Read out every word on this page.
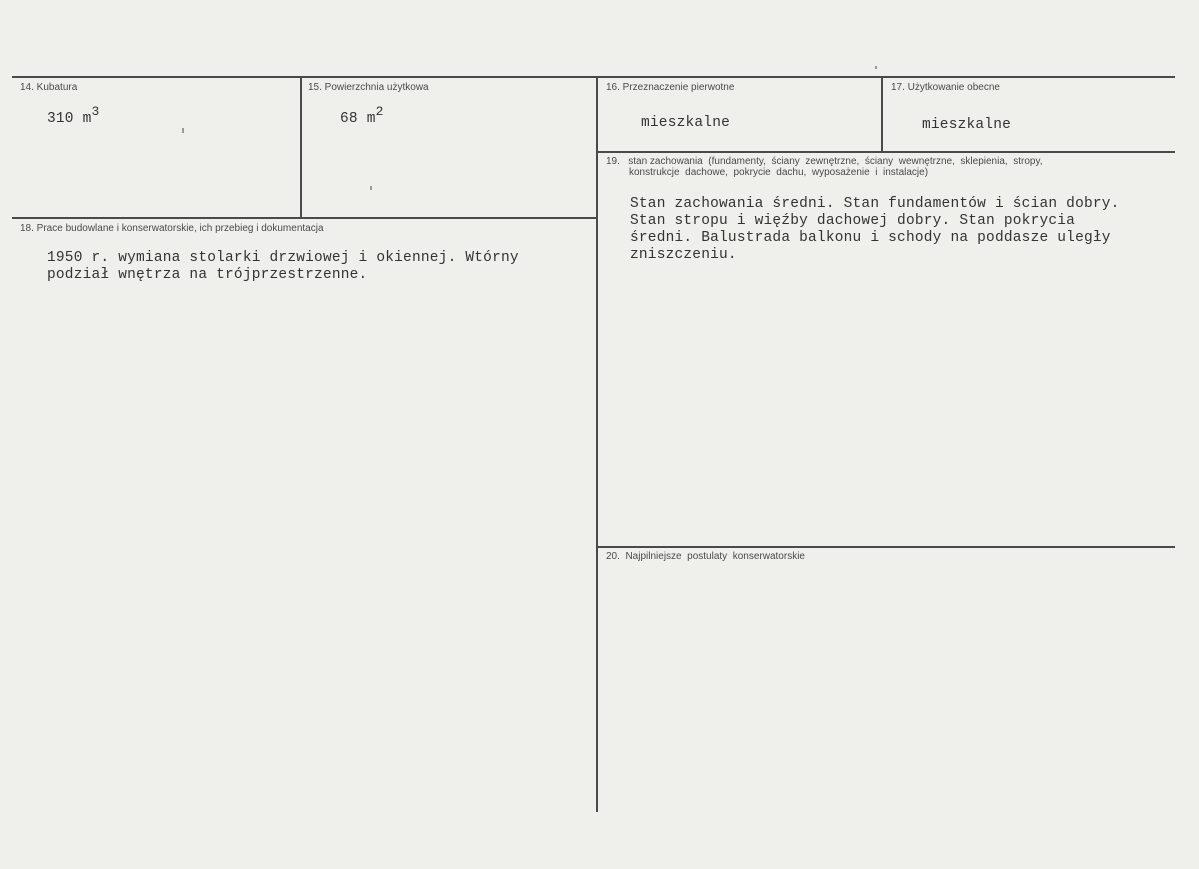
14. Kubatura
310 m3
15. Powierzchnia użytkowa
68 m2
16. Przeznaczenie pierwotne
mieszkalne
17. Użytkowanie obecne
mieszkalne
18. Prace budowlane i konserwatorskie, ich przebieg i dokumentacja
1950 r. wymiana stolarki drzwiowej i okiennej. Wtórny
podział wnętrza na trójprzestrzenne.
19.   stan zachowania  (fundamenty,  ściany  zewnętrzne,  ściany  wewnętrzne,  sklepienia,  stropy,
konstrukcje  dachowe,  pokrycie  dachu,  wyposażenie  i  instalacje)
Stan zachowania średni. Stan fundamentów i ścian dobry.
Stan stropu i więźby dachowej dobry. Stan pokrycia
średni. Balustrada balkonu i schody na poddasze uległy
zniszczeniu.
20.  Najpilniejsze  postulaty  konserwatorskie
